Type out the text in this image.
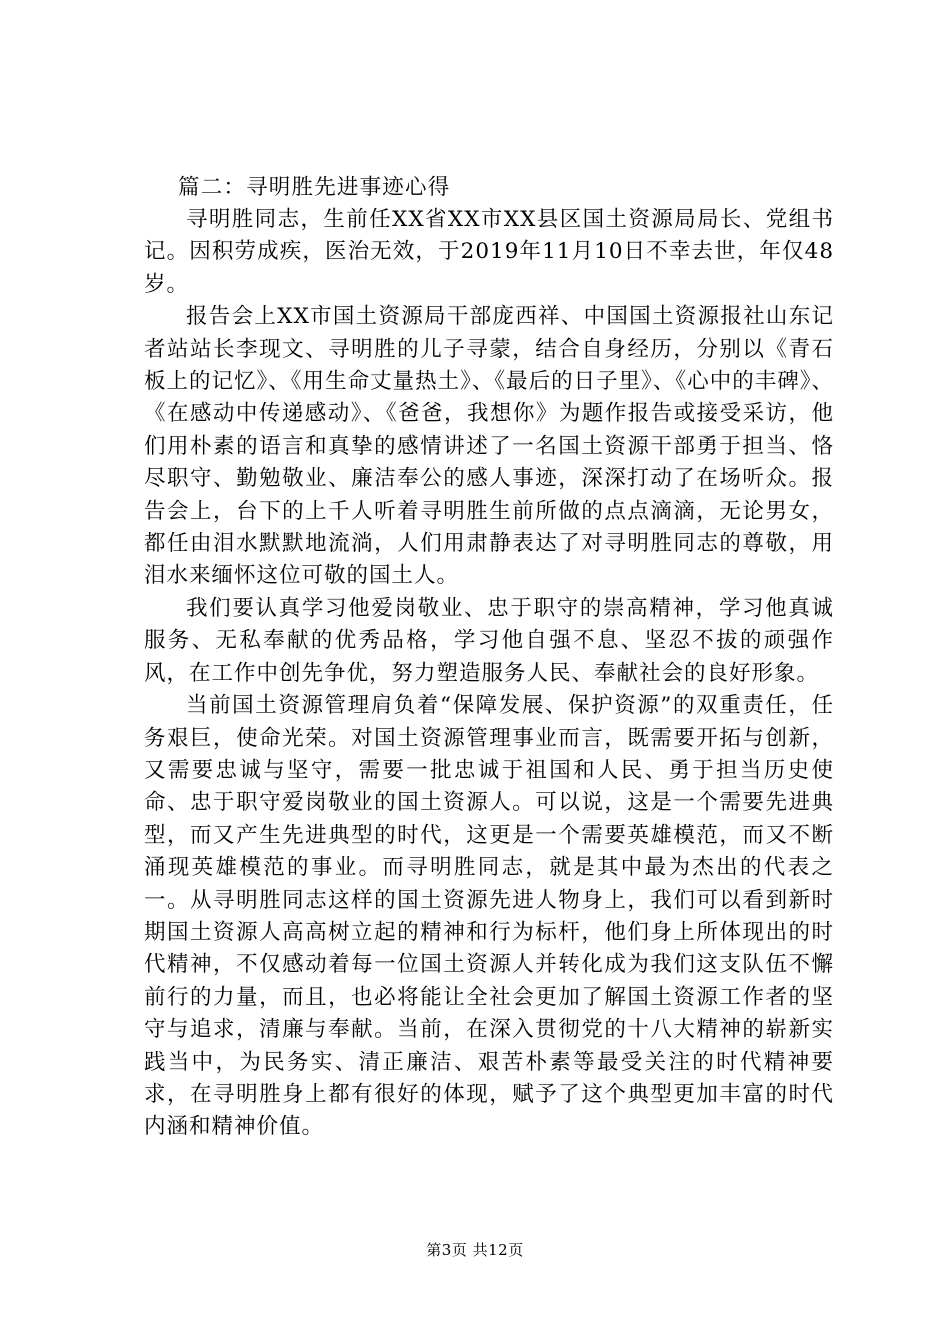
篇二：寻明胜先进事迹心得

寻明胜同志，生前任XX省XX市XX县区国土资源局局长、党组书记。因积劳成疾，医治无效，于2019年11月10日不幸去世，年仅48岁。

报告会上XX市国土资源局干部庞西祥、中国国土资源报社山东记者站站长李现文、寻明胜的儿子寻蒙，结合自身经历，分别以《青石板上的记忆》、《用生命丈量热土》、《最后的日子里》、《心中的丰碑》、《在感动中传递感动》、《爸爸，我想你》为题作报告或接受采访，他们用朴素的语言和真挚的感情讲述了一名国土资源干部勇于担当、恪尽职守、勤勉敬业、廉洁奉公的感人事迹，深深打动了在场听众。报告会上，台下的上千人听着寻明胜生前所做的点点滴滴，无论男女，都任由泪水默默地流淌，人们用肃静表达了对寻明胜同志的尊敬，用泪水来缅怀这位可敬的国土人。

我们要认真学习他爱岗敬业、忠于职守的崇高精神，学习他真诚服务、无私奉献的优秀品格，学习他自强不息、坚忍不拔的顽强作风，在工作中创先争优，努力塑造服务人民、奉献社会的良好形象。

当前国土资源管理肩负着“保障发展、保护资源”的双重责任，任务艰巨，使命光荣。对国土资源管理事业而言，既需要开拓与创新，又需要忠诚与坚守，需要一批忠诚于祖国和人民、勇于担当历史使命、忠于职守爱岗敬业的国土资源人。可以说，这是一个需要先进典型，而又产生先进典型的时代，这更是一个需要英雄模范，而又不断涌现英雄模范的事业。而寻明胜同志，就是其中最为杰出的代表之一。从寻明胜同志这样的国土资源先进人物身上，我们可以看到新时期国土资源人高高树立起的精神和行为标杆，他们身上所体现出的时代精神，不仅感动着每一位国土资源人并转化成为我们这支队伍不懈前行的力量，而且，也必将能让全社会更加了解国土资源工作者的坚守与追求，清廉与奉献。当前，在深入贯彻党的十八大精神的崭新实践当中，为民务实、清正廉洁、艰苦朴素等最受关注的时代精神要求，在寻明胜身上都有很好的体现，赋予了这个典型更加丰富的时代内涵和精神价值。

第3页 共12页
